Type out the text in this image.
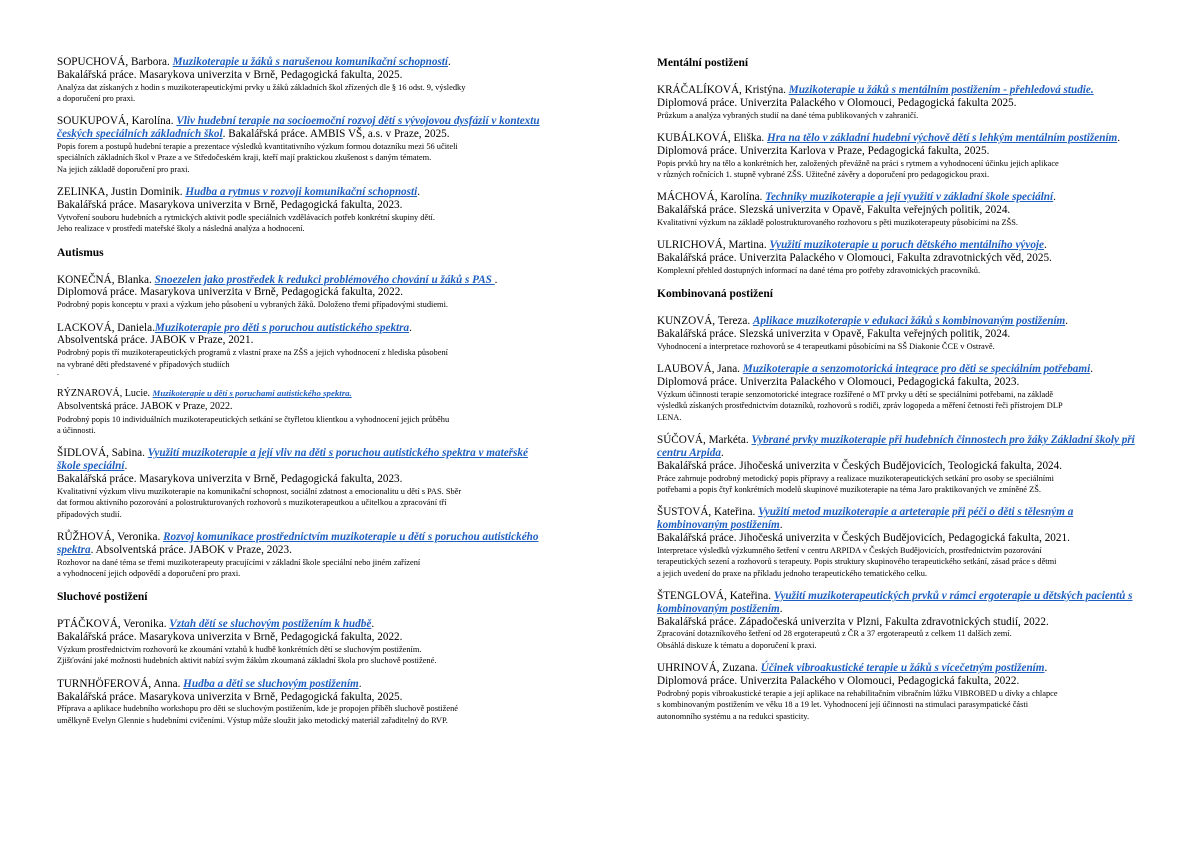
SOPUCHOVÁ, Barbora. Muzikoterapie u žáků s narušenou komunikační schopností.
Bakalářská práce. Masarykova univerzita v Brně, Pedagogická fakulta, 2025.
Analýza dat získaných z hodin s muzikoterapeutickými prvky u žáků základních škol zřízených dle § 16 odst. 9, výsledky
a doporučení pro praxi.
SOUKUPOVÁ, Karolína. Vliv hudební terapie na socioemoční rozvoj dětí s vývojovou dysfázií v kontextu českých speciálních základních škol. Bakalářská práce. AMBIS VŠ, a.s. v Praze, 2025.
Popis forem a postupů hudební terapie a prezentace výsledků kvantitativního výzkum formou dotazníku mezi 56 učiteli
speciálních základních škol v Praze a ve Středočeském kraji, kteří mají praktickou zkušenost s daným tématem.
Na jejich základě doporučení pro praxi.
ZELINKA, Justin Dominik. Hudba a rytmus v rozvoji komunikační schopnosti.
Bakalářská práce. Masarykova univerzita v Brně, Pedagogická fakulta, 2023.
Vytvoření souboru hudebních a rytmických aktivit podle speciálních vzdělávacích potřeb konkrétní skupiny dětí.
Jeho realizace v prostředí mateřské školy a následná analýza a hodnocení.
Autismus
KONEČNÁ, Blanka. Snoezelen jako prostředek k redukci problémového chování u žáků s PAS .
Diplomová práce. Masarykova univerzita v Brně, Pedagogická fakulta, 2022.
Podrobný popis konceptu v praxi a výzkum jeho působení u vybraných žáků. Doloženo třemi případovými studiemi.
LACKOVÁ, Daniela.Muzikoterapie pro děti s poruchou autistického spektra.
Absolventská práce. JABOK v Praze, 2021.
Podrobný popis tří muzikoterapeutických programů z vlastní praxe na ZŠS a jejich vyhodnocení z hlediska působení
na vybrané děti představené v případových studiích
.
RÝZNAROVÁ, Lucie. Muzikoterapie u dětí s poruchami autistického spektra.
Absolventská práce. JABOK v Praze, 2022.
Podrobný popis 10 individuálních muzikoterapeutických setkání se čtyřletou klientkou a vyhodnocení jejich průběhu
a účinnosti.
ŠIDLOVÁ, Sabina. Využití muzikoterapie a její vliv na děti s poruchou autistického spektra v mateřské škole speciální.
Bakalářská práce. Masarykova univerzita v Brně, Pedagogická fakulta, 2023.
Kvalitativní výzkum vlivu muzikoterapie na komunikační schopnost, sociální zdatnost a emocionalitu u dětí s PAS. Sběr
dat formou aktivního pozorování a polostrukturovaných rozhovorů s muzikoterapeutkou a učitelkou a zpracování tří
případových studií.
RŮŽHOVÁ, Veronika. Rozvoj komunikace prostřednictvím muzikoterapie u dětí s poruchou autistického spektra. Absolventská práce. JABOK v Praze, 2023.
Rozhovor na dané téma se třemi muzikoterapeuty pracujícími v základní škole speciální nebo jiném zařízení
a vyhodnocení jejich odpovědí a doporučení pro praxi.
Sluchové postižení
PTÁČKOVÁ, Veronika. Vztah dětí se sluchovým postižením k hudbě.
Bakalářská práce. Masarykova univerzita v Brně, Pedagogická fakulta, 2022.
Výzkum prostřednictvím rozhovorů ke zkoumání vztahů k hudbě konkrétních dětí se sluchovým postižením.
Zjišťování jaké možnosti hudebních aktivit nabízí svým žákům zkoumaná základní škola pro sluchově postižené.
TURNHÖFEROVÁ, Anna. Hudba a děti se sluchovým postižením.
Bakalářská práce. Masarykova univerzita v Brně, Pedagogická fakulta, 2025.
Příprava a aplikace hudebního workshopu pro děti se sluchovým postižením, kde je propojen příběh sluchově postižené
umělkyně Evelyn Glennie s hudebními cvičeními. Výstup může sloužit jako metodický materiál zařaditelný do RVP.
Mentální postižení
KRÁČALÍKOVÁ, Kristýna. Muzikoterapie u žáků s mentálním postižením - přehledová studie.
Diplomová práce. Univerzita Palackého v Olomouci, Pedagogická fakulta 2025.
Průzkum a analýza vybraných studií na dané téma publikovaných v zahraničí.
KUBÁLKOVÁ, Eliška. Hra na tělo v základní hudební výchově dětí s lehkým mentálním postižením. Diplomová práce. Univerzita Karlova v Praze, Pedagogická fakulta, 2025.
Popis prvků hry na tělo a konkrétních her, založených převážně na práci s rytmem a vyhodnocení účinku jejich aplikace
v různých ročnících 1. stupně vybrané ZŠS. Užitečné závěry a doporučení pro pedagogickou praxi.
MÁCHOVÁ, Karolína. Techniky muzikoterapie a její využití v základní škole speciální.
Bakalářská práce. Slezská univerzita v Opavě, Fakulta veřejných politik, 2024.
Kvalitativní výzkum na základě polostrukturovaného rozhovoru s pěti muzikoterapeuty působícími na ZŠS.
ULRICHOVÁ, Martina. Využití muzikoterapie u poruch dětského mentálního vývoje.
Bakalářská práce. Univerzita Palackého v Olomouci, Fakulta zdravotnických věd, 2025.
Komplexní přehled dostupných informací na dané téma pro potřeby zdravotnických pracovníků.
Kombinovaná postižení
KUNZOVÁ, Tereza. Aplikace muzikoterapie v edukaci žáků s kombinovaným postižením.
Bakalářská práce. Slezská univerzita v Opavě, Fakulta veřejných politik, 2024.
Vyhodnocení a interpretace rozhovorů se 4 terapeutkami působícími na SŠ Diakonie ČCE v Ostravě.
LAUBOVÁ, Jana. Muzikoterapie a senzomotorická integrace pro děti se speciálním potřebami.
Diplomová práce. Univerzita Palackého v Olomouci, Pedagogická fakulta, 2023.
Výzkum účinnosti terapie senzomotorické integrace rozšířené o MT prvky u dětí se speciálními potřebami, na základě
výsledků získaných prostřednictvím dotazníků, rozhovorů s rodiči, zpráv logopeda a měření četnosti řeči přístrojem DLP
LENA.
SÚČOVÁ, Markéta. Vybrané prvky muzikoterapie při hudebních činnostech pro žáky Základní školy při centru Arpida.
Bakalářská práce. Jihočeská univerzita v Českých Budějovicích, Teologická fakulta, 2024.
Práce zahrnuje podrobný metodický popis přípravy a realizace muzikoterapeutických setkání pro osoby se speciálními
potřebami a popis čtyř konkrétních modelů skupinové muzikoterapie na téma Jaro praktikovaných ve zmíněné ZŠ.
ŠUSTOVÁ, Kateřina. Využití metod muzikoterapie a arteterapie při péči o děti s tělesným a kombinovaným postižením.
Bakalářská práce. Jihočeská univerzita v Českých Budějovicích, Pedagogická fakulta, 2021.
Interpretace výsledků výzkumného šetření v centru ARPIDA v Českých Budějovicích, prostřednictvím pozorování
terapeutických sezení a rozhovorů s terapeuty. Popis struktury skupinového terapeutického setkání, zásad práce s dětmi
a jejich uvedení do praxe na příkladu jednoho terapeutického tematického celku.
ŠTENGLOVÁ, Kateřina. Využití muzikoterapeutických prvků v rámci ergoterapie u dětských pacientů s kombinovaným postižením.
Bakalářská práce. Západočeská univerzita v Plzni, Fakulta zdravotnických studií, 2022.
Zpracování dotazníkového šetření od 28 ergoterapeutů z ČR a 37 ergoterapeutů z celkem 11 dalších zemí.
Obsáhlá diskuze k tématu a doporučení k praxi.
UHRINOVÁ, Zuzana. Účinek vibroakustické terapie u žáků s vícečetným postižením.
Diplomová práce. Univerzita Palackého v Olomouci, Pedagogická fakulta, 2022.
Podrobný popis vibroakustické terapie a její aplikace na rehabilitačním vibračním lůžku VIBROBED u dívky a chlapce
s kombinovaným postižením ve věku 18 a 19 let. Vyhodnocení její účinnosti na stimulaci parasympatické části
autonomního systému a na redukci spasticity.
